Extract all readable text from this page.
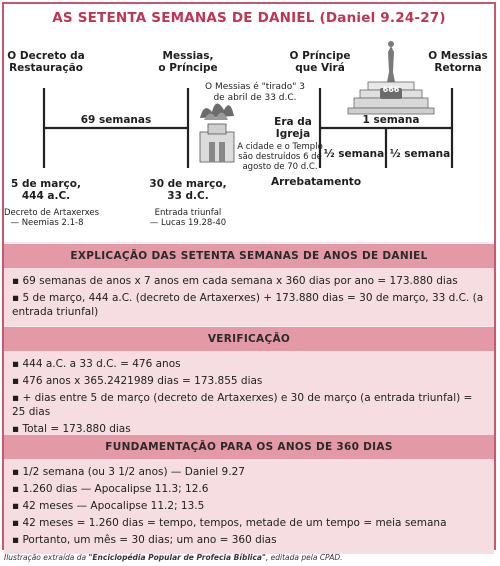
AS SETENTA SEMANAS DE DANIEL (Daniel 9.24-27)
O Decreto da
Restauração
Messias,
o Príncipe
O Príncipe
que Virá
O Messias
Retorna
69 semanas
O Messias é "tirado" 3
de abril de 33 d.C.
Era da
Igreja
A cidade e o Templo
são destruídos 6 de
agosto de 70 d.C.
666
1 semana
½ semana ½ semana
5 de março,
444 a.C.
Decreto de Artaxerxes
— Neemias 2.1-8
30 de março,
33 d.C.
Entrada triunfal
— Lucas 19.28-40
Arrebatamento
EXPLICAÇÃO DAS SETENTA SEMANAS DE ANOS DE DANIEL
▪ 69 semanas de anos x 7 anos em cada semana x 360 dias por ano = 173.880 dias
▪ 5 de março, 444 a.C. (decreto de Artaxerxes) + 173.880 dias = 30 de março, 33 d.C. (a entrada triunfal)
VERIFICAÇÃO
▪ 444 a.C. a 33 d.C. = 476 anos
▪ 476 anos x 365.2421989 dias = 173.855 dias
▪ + dias entre 5 de março (decreto de Artaxerxes) e 30 de março (a entrada triunfal) = 25 dias
▪ Total = 173.880 dias
FUNDAMENTAÇÃO PARA OS ANOS DE 360 DIAS
▪ 1/2 semana (ou 3 1/2 anos) — Daniel 9.27
▪ 1.260 dias — Apocalipse 11.3; 12.6
▪ 42 meses — Apocalipse 11.2; 13.5
▪ 42 meses = 1.260 dias = tempo, tempos, metade de um tempo = meia semana
▪ Portanto, um mês = 30 dias; um ano = 360 dias
Ilustração extraída da "Enciclopédia Popular de Profecia Bíblica", editada pela CPAD.
